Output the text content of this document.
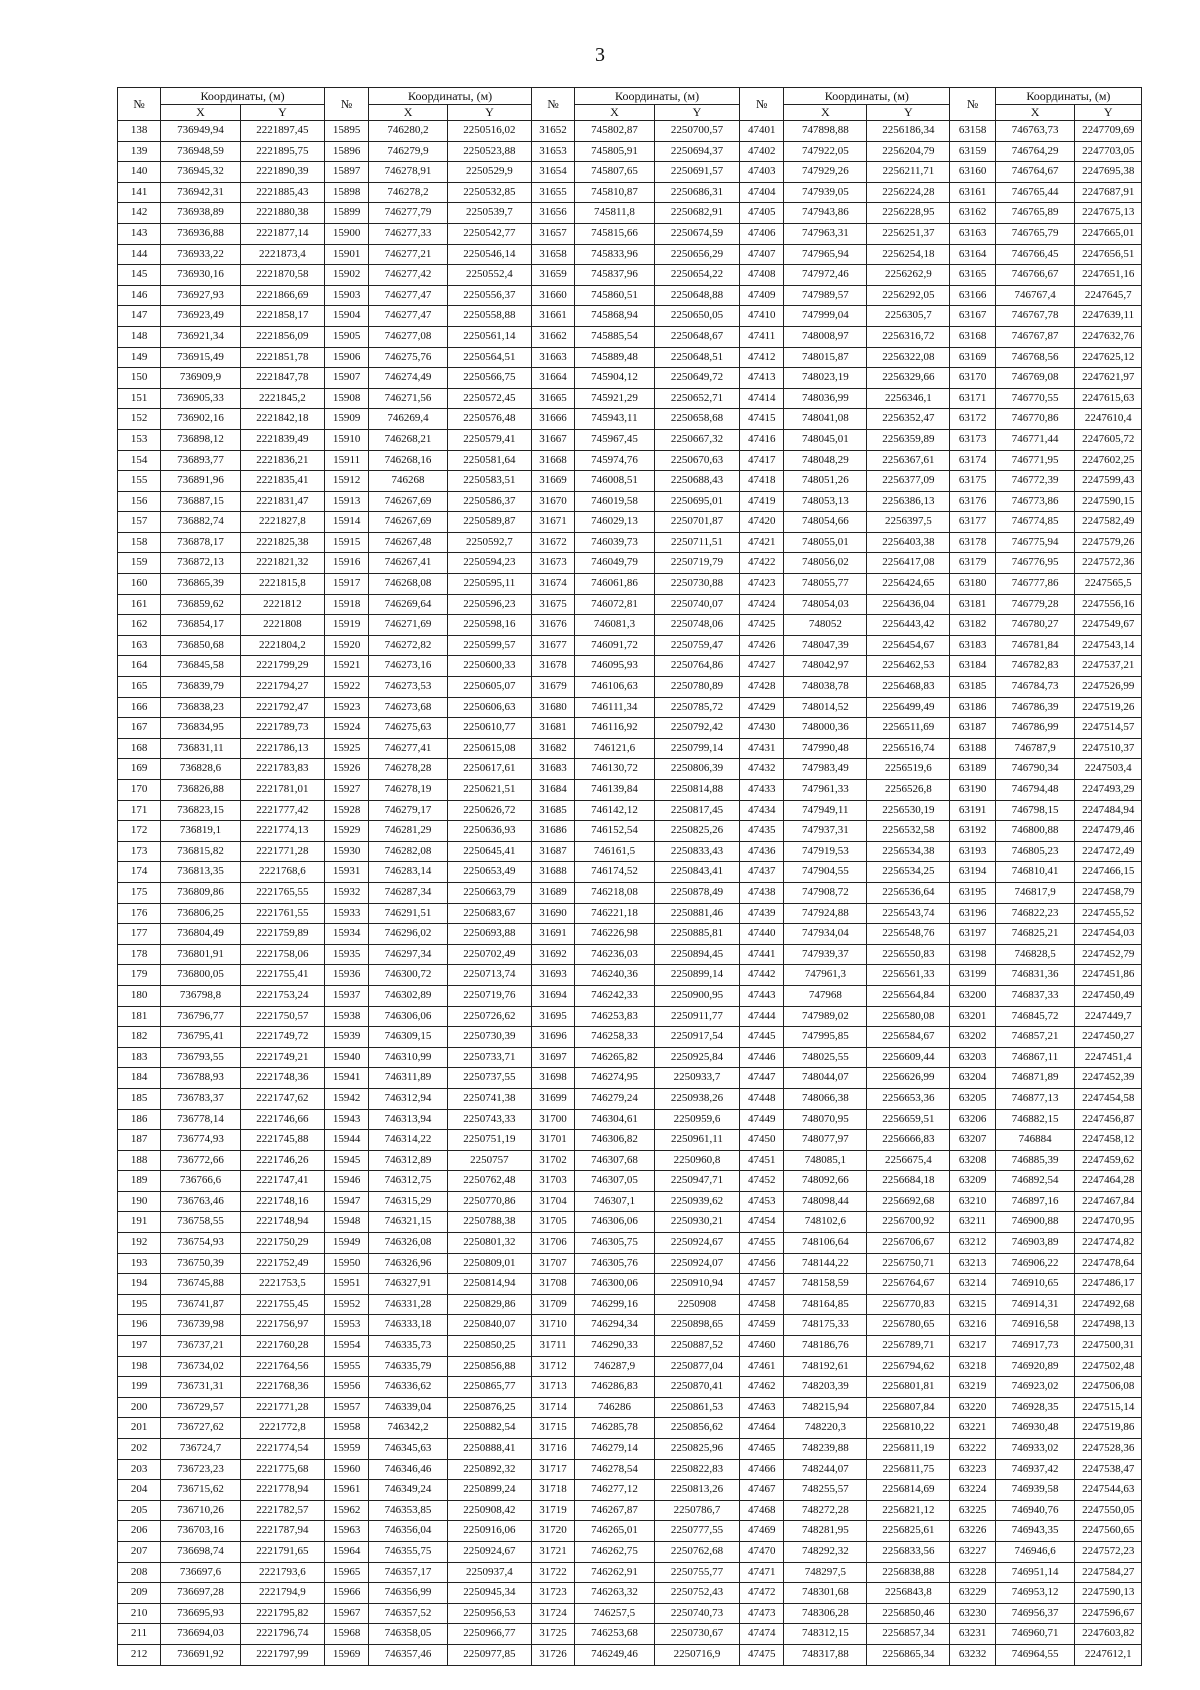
3
№	Координаты, (м)		№	Координаты, (м)		№	Координаты, (м)		№	Координаты, (м)		№	Координаты, (м)	
	X	Y		X	Y		X	Y		X	Y		X	Y
138	736949,94	2221897,45	15895	746280,2	2250516,02	31652	745802,87	2250700,57	47401	747898,88	2256186,34	63158	746763,73	2247709,69
139	736948,59	2221895,75	15896	746279,9	2250523,88	31653	745805,91	2250694,37	47402	747922,05	2256204,79	63159	746764,29	2247703,05
140	736945,32	2221890,39	15897	746278,91	2250529,9	31654	745807,65	2250691,57	47403	747929,26	2256211,71	63160	746764,67	2247695,38
141	736942,31	2221885,43	15898	746278,2	2250532,85	31655	745810,87	2250686,31	47404	747939,05	2256224,28	63161	746765,44	2247687,91
142	736938,89	2221880,38	15899	746277,79	2250539,7	31656	745811,8	2250682,91	47405	747943,86	2256228,95	63162	746765,89	2247675,13
143	736936,88	2221877,14	15900	746277,33	2250542,77	31657	745815,66	2250674,59	47406	747963,31	2256251,37	63163	746765,79	2247665,01
144	736933,22	2221873,4	15901	746277,21	2250546,14	31658	745833,96	2250656,29	47407	747965,94	2256254,18	63164	746766,45	2247656,51
145	736930,16	2221870,58	15902	746277,42	2250552,4	31659	745837,96	2250654,22	47408	747972,46	2256262,9	63165	746766,67	2247651,16
146	736927,93	2221866,69	15903	746277,47	2250556,37	31660	745860,51	2250648,88	47409	747989,57	2256292,05	63166	746767,4	2247645,7
147	736923,49	2221858,17	15904	746277,47	2250558,88	31661	745868,94	2250650,05	47410	747999,04	2256305,7	63167	746767,78	2247639,11
148	736921,34	2221856,09	15905	746277,08	2250561,14	31662	745885,54	2250648,67	47411	748008,97	2256316,72	63168	746767,87	2247632,76
149	736915,49	2221851,78	15906	746275,76	2250564,51	31663	745889,48	2250648,51	47412	748015,87	2256322,08	63169	746768,56	2247625,12
150	736909,9	2221847,78	15907	746274,49	2250566,75	31664	745904,12	2250649,72	47413	748023,19	2256329,66	63170	746769,08	2247621,97
151	736905,33	2221845,2	15908	746271,56	2250572,45	31665	745921,29	2250652,71	47414	748036,99	2256346,1	63171	746770,55	2247615,63
152	736902,16	2221842,18	15909	746269,4	2250576,48	31666	745943,11	2250658,68	47415	748041,08	2256352,47	63172	746770,86	2247610,4
153	736898,12	2221839,49	15910	746268,21	2250579,41	31667	745967,45	2250667,32	47416	748045,01	2256359,89	63173	746771,44	2247605,72
154	736893,77	2221836,21	15911	746268,16	2250581,64	31668	745974,76	2250670,63	47417	748048,29	2256367,61	63174	746771,95	2247602,25
155	736891,96	2221835,41	15912	746268	2250583,51	31669	746008,51	2250688,43	47418	748051,26	2256377,09	63175	746772,39	2247599,43
156	736887,15	2221831,47	15913	746267,69	2250586,37	31670	746019,58	2250695,01	47419	748053,13	2256386,13	63176	746773,86	2247590,15
157	736882,74	2221827,8	15914	746267,69	2250589,87	31671	746029,13	2250701,87	47420	748054,66	2256397,5	63177	746774,85	2247582,49
158	736878,17	2221825,38	15915	746267,48	2250592,7	31672	746039,73	2250711,51	47421	748055,01	2256403,38	63178	746775,94	2247579,26
159	736872,13	2221821,32	15916	746267,41	2250594,23	31673	746049,79	2250719,79	47422	748056,02	2256417,08	63179	746776,95	2247572,36
160	736865,39	2221815,8	15917	746268,08	2250595,11	31674	746061,86	2250730,88	47423	748055,77	2256424,65	63180	746777,86	2247565,5
161	736859,62	2221812	15918	746269,64	2250596,23	31675	746072,81	2250740,07	47424	748054,03	2256436,04	63181	746779,28	2247556,16
162	736854,17	2221808	15919	746271,69	2250598,16	31676	746081,3	2250748,06	47425	748052	2256443,42	63182	746780,27	2247549,67
163	736850,68	2221804,2	15920	746272,82	2250599,57	31677	746091,72	2250759,47	47426	748047,39	2256454,67	63183	746781,84	2247543,14
164	736845,58	2221799,29	15921	746273,16	2250600,33	31678	746095,93	2250764,86	47427	748042,97	2256462,53	63184	746782,83	2247537,21
165	736839,79	2221794,27	15922	746273,53	2250605,07	31679	746106,63	2250780,89	47428	748038,78	2256468,83	63185	746784,73	2247526,99
166	736838,23	2221792,47	15923	746273,68	2250606,63	31680	746111,34	2250785,72	47429	748014,52	2256499,49	63186	746786,39	2247519,26
167	736834,95	2221789,73	15924	746275,63	2250610,77	31681	746116,92	2250792,42	47430	748000,36	2256511,69	63187	746786,99	2247514,57
168	736831,11	2221786,13	15925	746277,41	2250615,08	31682	746121,6	2250799,14	47431	747990,48	2256516,74	63188	746787,9	2247510,37
169	736828,6	2221783,83	15926	746278,28	2250617,61	31683	746130,72	2250806,39	47432	747983,49	2256519,6	63189	746790,34	2247503,4
170	736826,88	2221781,01	15927	746278,19	2250621,51	31684	746139,84	2250814,88	47433	747961,33	2256526,8	63190	746794,48	2247493,29
171	736823,15	2221777,42	15928	746279,17	2250626,72	31685	746142,12	2250817,45	47434	747949,11	2256530,19	63191	746798,15	2247484,94
172	736819,1	2221774,13	15929	746281,29	2250636,93	31686	746152,54	2250825,26	47435	747937,31	2256532,58	63192	746800,88	2247479,46
173	736815,82	2221771,28	15930	746282,08	2250645,41	31687	746161,5	2250833,43	47436	747919,53	2256534,38	63193	746805,23	2247472,49
174	736813,35	2221768,6	15931	746283,14	2250653,49	31688	746174,52	2250843,41	47437	747904,55	2256534,25	63194	746810,41	2247466,15
175	736809,86	2221765,55	15932	746287,34	2250663,79	31689	746218,08	2250878,49	47438	747908,72	2256536,64	63195	746817,9	2247458,79
176	736806,25	2221761,55	15933	746291,51	2250683,67	31690	746221,18	2250881,46	47439	747924,88	2256543,74	63196	746822,23	2247455,52
177	736804,49	2221759,89	15934	746296,02	2250693,88	31691	746226,98	2250885,81	47440	747934,04	2256548,76	63197	746825,21	2247454,03
178	736801,91	2221758,06	15935	746297,34	2250702,49	31692	746236,03	2250894,45	47441	747939,37	2256550,83	63198	746828,5	2247452,79
179	736800,05	2221755,41	15936	746300,72	2250713,74	31693	746240,36	2250899,14	47442	747961,3	2256561,33	63199	746831,36	2247451,86
180	736798,8	2221753,24	15937	746302,89	2250719,76	31694	746242,33	2250900,95	47443	747968	2256564,84	63200	746837,33	2247450,49
181	736796,77	2221750,57	15938	746306,06	2250726,62	31695	746253,83	2250911,77	47444	747989,02	2256580,08	63201	746845,72	2247449,7
182	736795,41	2221749,72	15939	746309,15	2250730,39	31696	746258,33	2250917,54	47445	747995,85	2256584,67	63202	746857,21	2247450,27
183	736793,55	2221749,21	15940	746310,99	2250733,71	31697	746265,82	2250925,84	47446	748025,55	2256609,44	63203	746867,11	2247451,4
184	736788,93	2221748,36	15941	746311,89	2250737,55	31698	746274,95	2250933,7	47447	748044,07	2256626,99	63204	746871,89	2247452,39
185	736783,37	2221747,62	15942	746312,94	2250741,38	31699	746279,24	2250938,26	47448	748066,38	2256653,36	63205	746877,13	2247454,58
186	736778,14	2221746,66	15943	746313,94	2250743,33	31700	746304,61	2250959,6	47449	748070,95	2256659,51	63206	746882,15	2247456,87
187	736774,93	2221745,88	15944	746314,22	2250751,19	31701	746306,82	2250961,11	47450	748077,97	2256666,83	63207	746884	2247458,12
188	736772,66	2221746,26	15945	746312,89	2250757	31702	746307,68	2250960,8	47451	748085,1	2256675,4	63208	746885,39	2247459,62
189	736766,6	2221747,41	15946	746312,75	2250762,48	31703	746307,05	2250947,71	47452	748092,66	2256684,18	63209	746892,54	2247464,28
190	736763,46	2221748,16	15947	746315,29	2250770,86	31704	746307,1	2250939,62	47453	748098,44	2256692,68	63210	746897,16	2247467,84
191	736758,55	2221748,94	15948	746321,15	2250788,38	31705	746306,06	2250930,21	47454	748102,6	2256700,92	63211	746900,88	2247470,95
192	736754,93	2221750,29	15949	746326,08	2250801,32	31706	746305,75	2250924,67	47455	748106,64	2256706,67	63212	746903,89	2247474,82
193	736750,39	2221752,49	15950	746326,96	2250809,01	31707	746305,76	2250924,07	47456	748144,22	2256750,71	63213	746906,22	2247478,64
194	736745,88	2221753,5	15951	746327,91	2250814,94	31708	746300,06	2250910,94	47457	748158,59	2256764,67	63214	746910,65	2247486,17
195	736741,87	2221755,45	15952	746331,28	2250829,86	31709	746299,16	2250908	47458	748164,85	2256770,83	63215	746914,31	2247492,68
196	736739,98	2221756,97	15953	746333,18	2250840,07	31710	746294,34	2250898,65	47459	748175,33	2256780,65	63216	746916,58	2247498,13
197	736737,21	2221760,28	15954	746335,73	2250850,25	31711	746290,33	2250887,52	47460	748186,76	2256789,71	63217	746917,73	2247500,31
198	736734,02	2221764,56	15955	746335,79	2250856,88	31712	746287,9	2250877,04	47461	748192,61	2256794,62	63218	746920,89	2247502,48
199	736731,31	2221768,36	15956	746336,62	2250865,77	31713	746286,83	2250870,41	47462	748203,39	2256801,81	63219	746923,02	2247506,08
200	736729,57	2221771,28	15957	746339,04	2250876,25	31714	746286	2250861,53	47463	748215,94	2256807,84	63220	746928,35	2247515,14
201	736727,62	2221772,8	15958	746342,2	2250882,54	31715	746285,78	2250856,62	47464	748220,3	2256810,22	63221	746930,48	2247519,86
202	736724,7	2221774,54	15959	746345,63	2250888,41	31716	746279,14	2250825,96	47465	748239,88	2256811,19	63222	746933,02	2247528,36
203	736723,23	2221775,68	15960	746346,46	2250892,32	31717	746278,54	2250822,83	47466	748244,07	2256811,75	63223	746937,42	2247538,47
204	736715,62	2221778,94	15961	746349,24	2250899,24	31718	746277,12	2250813,26	47467	748255,57	2256814,69	63224	746939,58	2247544,63
205	736710,26	2221782,57	15962	746353,85	2250908,42	31719	746267,87	2250786,7	47468	748272,28	2256821,12	63225	746940,76	2247550,05
206	736703,16	2221787,94	15963	746356,04	2250916,06	31720	746265,01	2250777,55	47469	748281,95	2256825,61	63226	746943,35	2247560,65
207	736698,74	2221791,65	15964	746355,75	2250924,67	31721	746262,75	2250762,68	47470	748292,32	2256833,56	63227	746946,6	2247572,23
208	736697,6	2221793,6	15965	746357,17	2250937,4	31722	746262,91	2250755,77	47471	748297,5	2256838,88	63228	746951,14	2247584,27
209	736697,28	2221794,9	15966	746356,99	2250945,34	31723	746263,32	2250752,43	47472	748301,68	2256843,8	63229	746953,12	2247590,13
210	736695,93	2221795,82	15967	746357,52	2250956,53	31724	746257,5	2250740,73	47473	748306,28	2256850,46	63230	746956,37	2247596,67
211	736694,03	2221796,74	15968	746358,05	2250966,77	31725	746253,68	2250730,67	47474	748312,15	2256857,34	63231	746960,71	2247603,82
212	736691,92	2221797,99	15969	746357,46	2250977,85	31726	746249,46	2250716,9	47475	748317,88	2256865,34	63232	746964,55	2247612,1
